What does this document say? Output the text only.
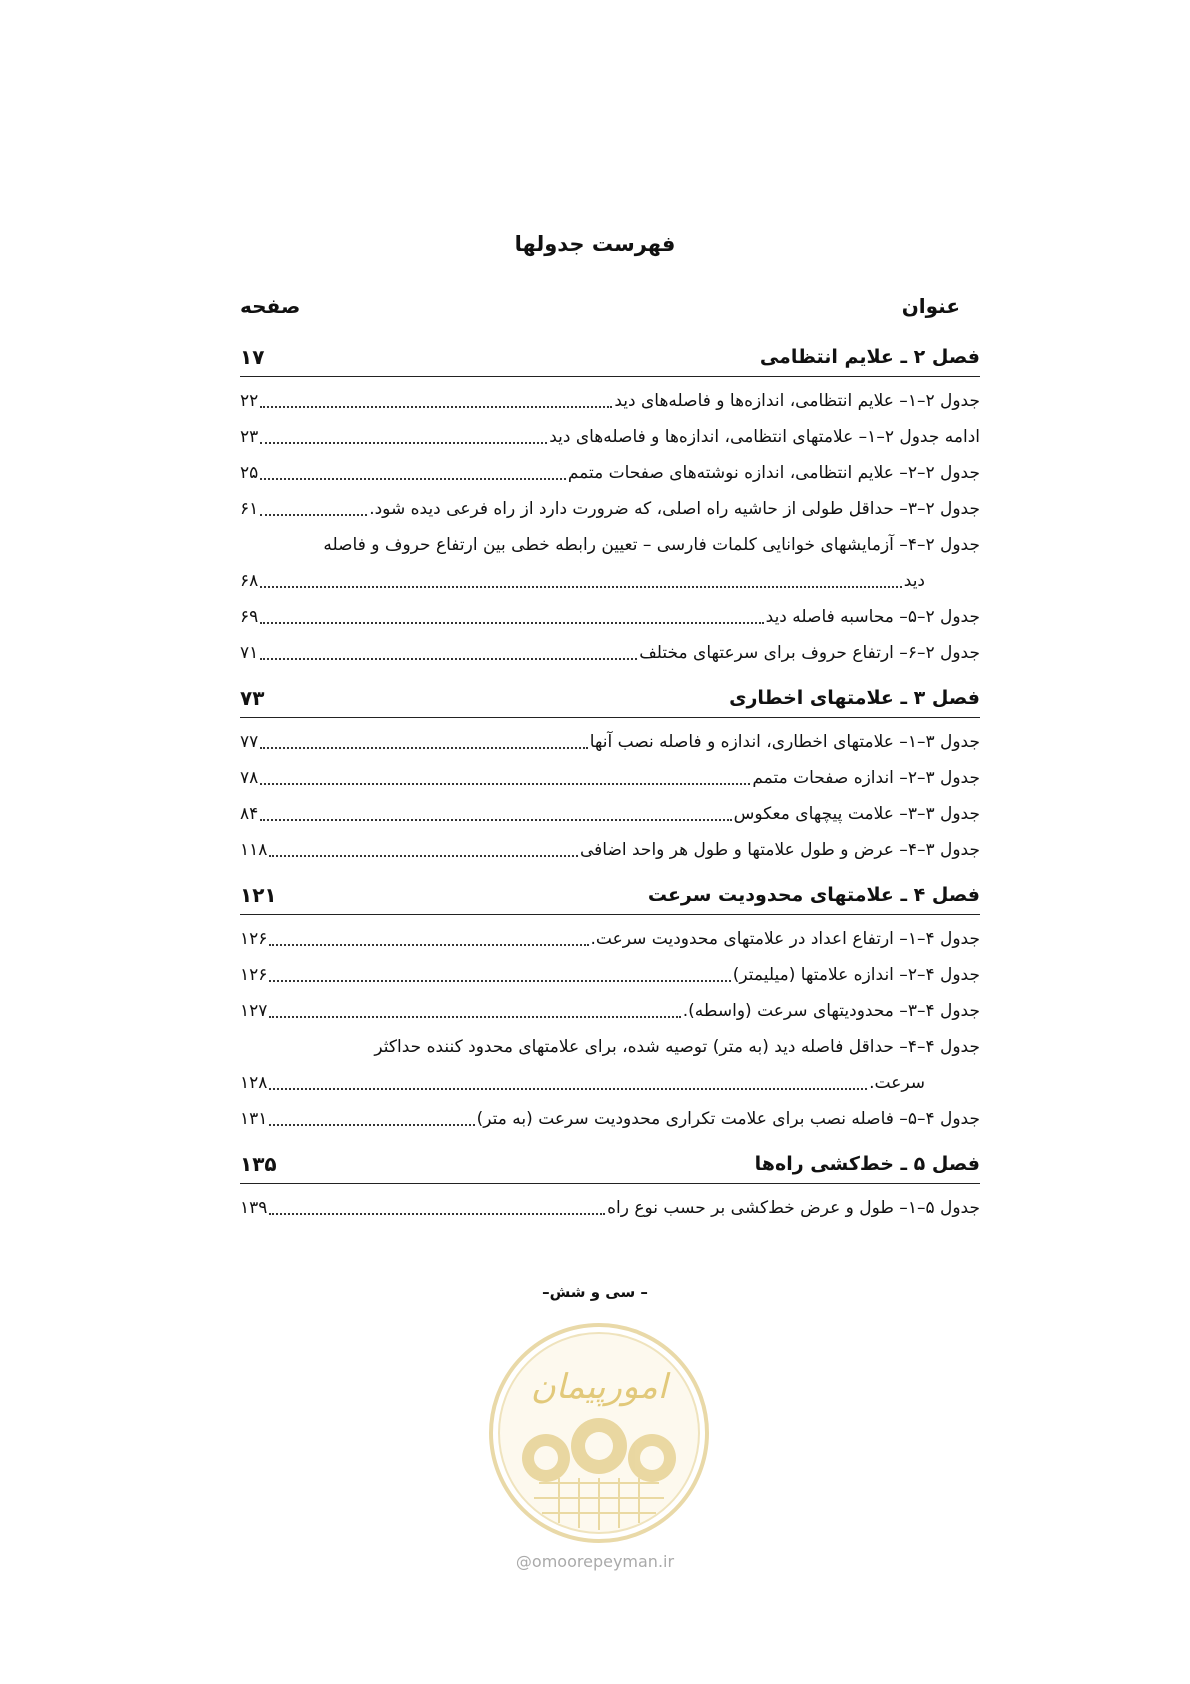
فهرست جدولها
عنوان
صفحه
فصل ۲ ـ علایم انتظامی
۱۷
جدول ۲–۱– علایم انتظامی، اندازه‌ها و فاصله‌های دید
۲۲
ادامه جدول ۲–۱– علامتهای انتظامی، اندازه‌ها و فاصله‌های دید
۲۳
جدول ۲–۲– علایم انتظامی، اندازه نوشته‌های صفحات متمم
۲۵
جدول ۲–۳– حداقل طولی از حاشیه راه اصلی، که ضرورت دارد از راه فرعی دیده شود.
۶۱
جدول ۲–۴– آزمایشهای خوانایی کلمات فارسی – تعیین رابطه خطی بین ارتفاع حروف و فاصله
دید
۶۸
جدول ۲–۵– محاسبه فاصله دید
۶۹
جدول ۲–۶– ارتفاع حروف برای سرعتهای مختلف
۷۱
فصل ۳ ـ علامتهای اخطاری
۷۳
جدول ۳–۱– علامتهای اخطاری، اندازه و فاصله نصب آنها
۷۷
جدول ۳–۲– اندازه صفحات متمم
۷۸
جدول ۳–۳– علامت پیچهای معکوس
۸۴
جدول ۳–۴– عرض و طول علامتها و طول هر واحد اضافی
۱۱۸
فصل ۴ ـ علامتهای محدودیت سرعت
۱۲۱
جدول ۴–۱– ارتفاع اعداد در علامتهای محدودیت سرعت.
۱۲۶
جدول ۴–۲– اندازه علامتها (میلیمتر)
۱۲۶
جدول ۴–۳– محدودیتهای سرعت (واسطه).
۱۲۷
جدول ۴–۴– حداقل فاصله دید (به متر) توصیه شده، برای علامتهای محدود کننده حداکثر
سرعت.
۱۲۸
جدول ۴–۵– فاصله نصب برای علامت تکراری محدودیت سرعت (به متر)
۱۳۱
فصل ۵ ـ خط‌کشی راه‌ها
۱۳۵
جدول ۵–۱– طول و عرض خط‌کشی بر حسب نوع راه
۱۳۹
– سی و شش–
امورپیمان
@omoorepeyman.ir
